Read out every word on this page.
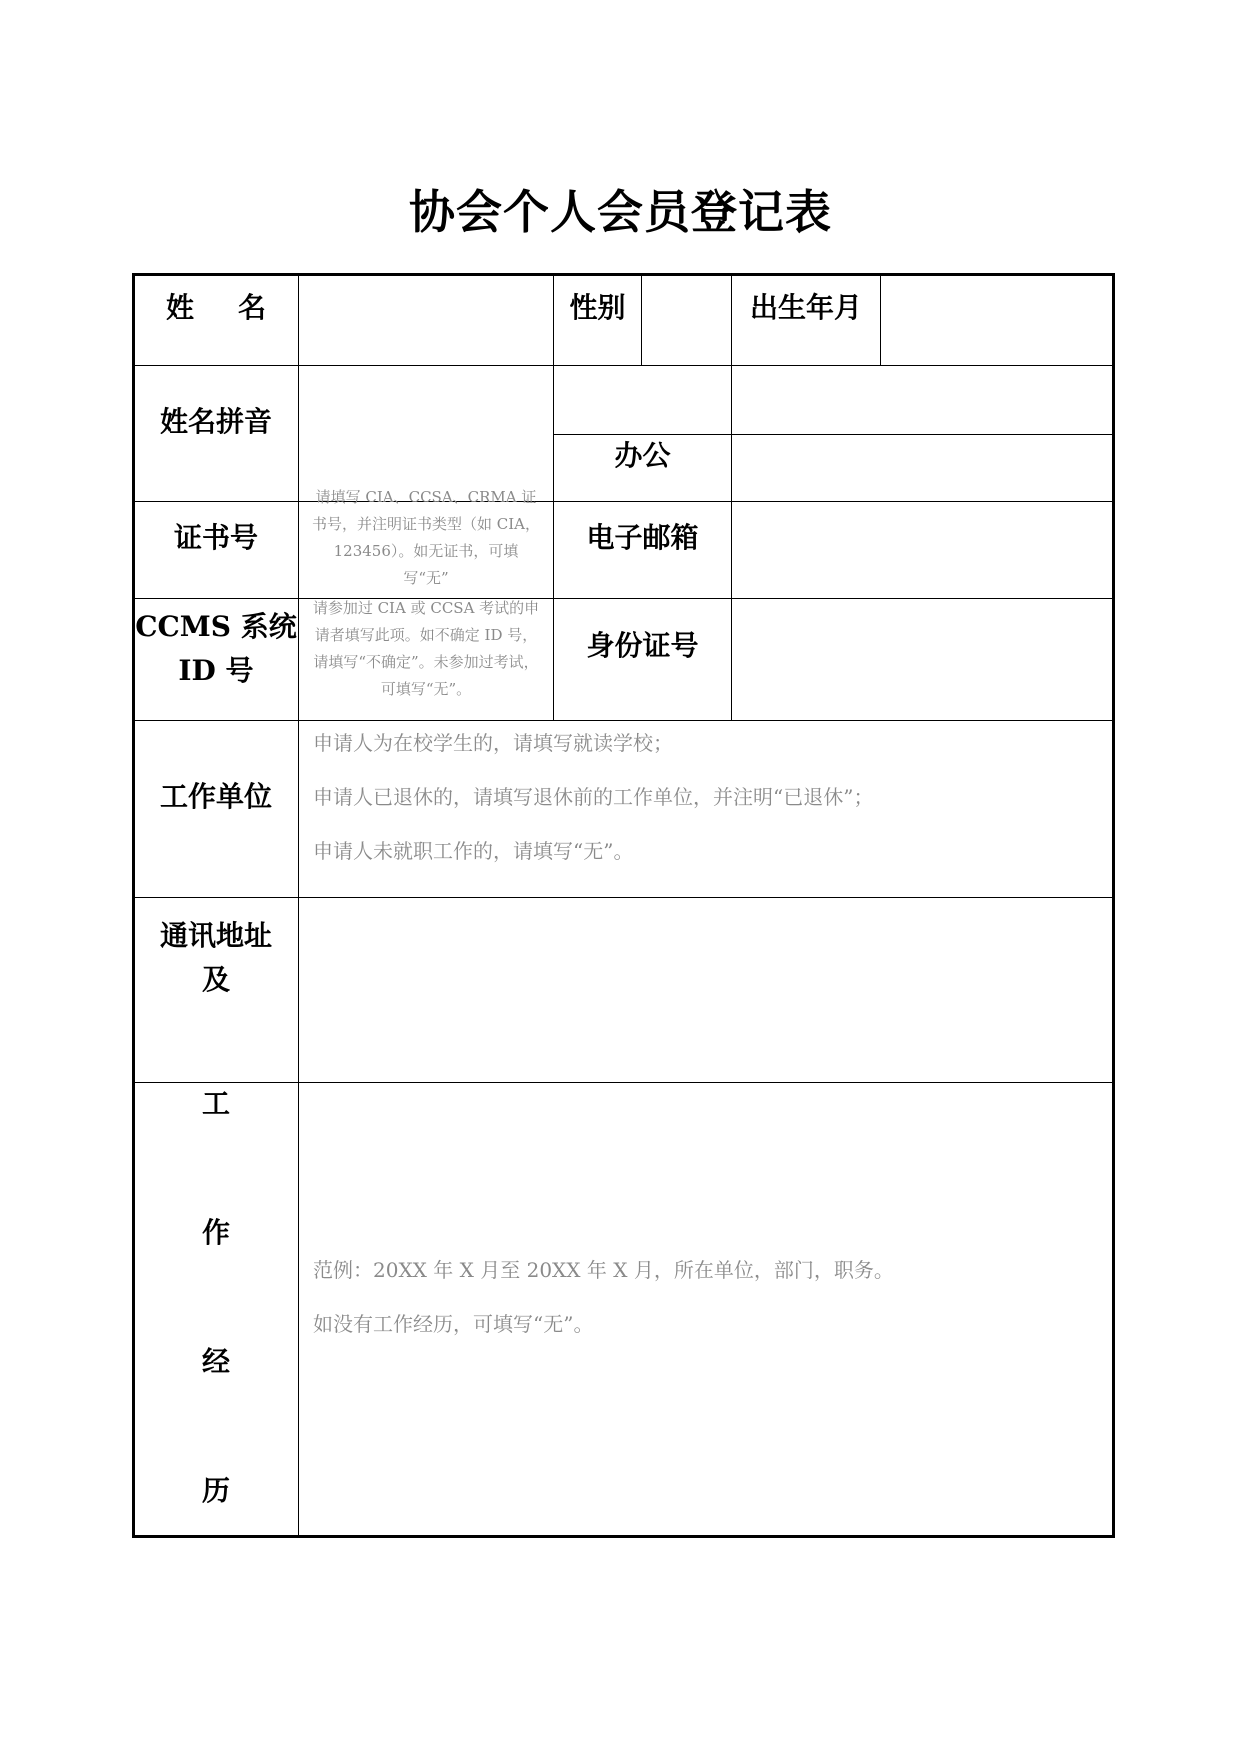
协会个人会员登记表
姓 名	性别	出生年月
姓名拼音
办公
证书号
请填写 CIA、CCSA、CRMA 证书号，并注明证书类型（如 CIA，123456）。如无证书，可填写“无”
电子邮箱
CCMS 系统
ID 号
请参加过 CIA 或 CCSA 考试的申请者填写此项。如不确定 ID 号，请填写“不确定”。未参加过考试，可填写“无”。
身份证号
工作单位
申请人为在校学生的，请填写就读学校；
申请人已退休的，请填写退休前的工作单位，并注明“已退休”；
申请人未就职工作的，请填写“无”。
通讯地址
及
工
作
经
历
范例：20XX 年 X 月至 20XX 年 X 月，所在单位，部门，职务。
如没有工作经历，可填写“无”。
